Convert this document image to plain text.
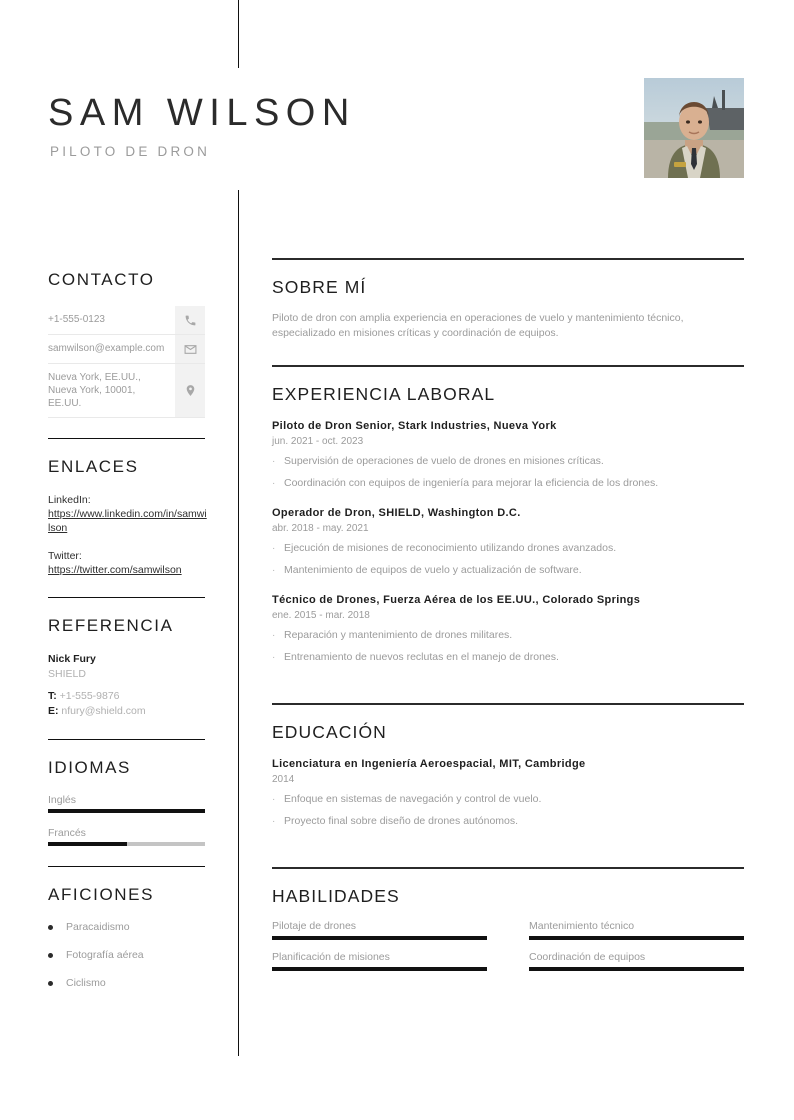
SAM WILSON
PILOTO DE DRON
CONTACTO
+1-555-0123
samwilson@example.com
Nueva York, EE.UU., Nueva York, 10001, EE.UU.
ENLACES
LinkedIn:
https://www.linkedin.com/in/samwilson
Twitter:
https://twitter.com/samwilson
REFERENCIA
Nick Fury
SHIELD
T: +1-555-9876
E: nfury@shield.com
IDIOMAS
Inglés
Francés
AFICIONES
Paracaidismo
Fotografía aérea
Ciclismo
SOBRE MÍ
Piloto de dron con amplia experiencia en operaciones de vuelo y mantenimiento técnico, especializado en misiones críticas y coordinación de equipos.
EXPERIENCIA LABORAL
Piloto de Dron Senior, Stark Industries, Nueva York
jun. 2021 - oct. 2023
· Supervisión de operaciones de vuelo de drones en misiones críticas.
· Coordinación con equipos de ingeniería para mejorar la eficiencia de los drones.
Operador de Dron, SHIELD, Washington D.C.
abr. 2018 - may. 2021
· Ejecución de misiones de reconocimiento utilizando drones avanzados.
· Mantenimiento de equipos de vuelo y actualización de software.
Técnico de Drones, Fuerza Aérea de los EE.UU., Colorado Springs
ene. 2015 - mar. 2018
· Reparación y mantenimiento de drones militares.
· Entrenamiento de nuevos reclutas en el manejo de drones.
EDUCACIÓN
Licenciatura en Ingeniería Aeroespacial, MIT, Cambridge
2014
· Enfoque en sistemas de navegación y control de vuelo.
· Proyecto final sobre diseño de drones autónomos.
HABILIDADES
Pilotaje de drones	Mantenimiento técnico
Planificación de misiones	Coordinación de equipos
